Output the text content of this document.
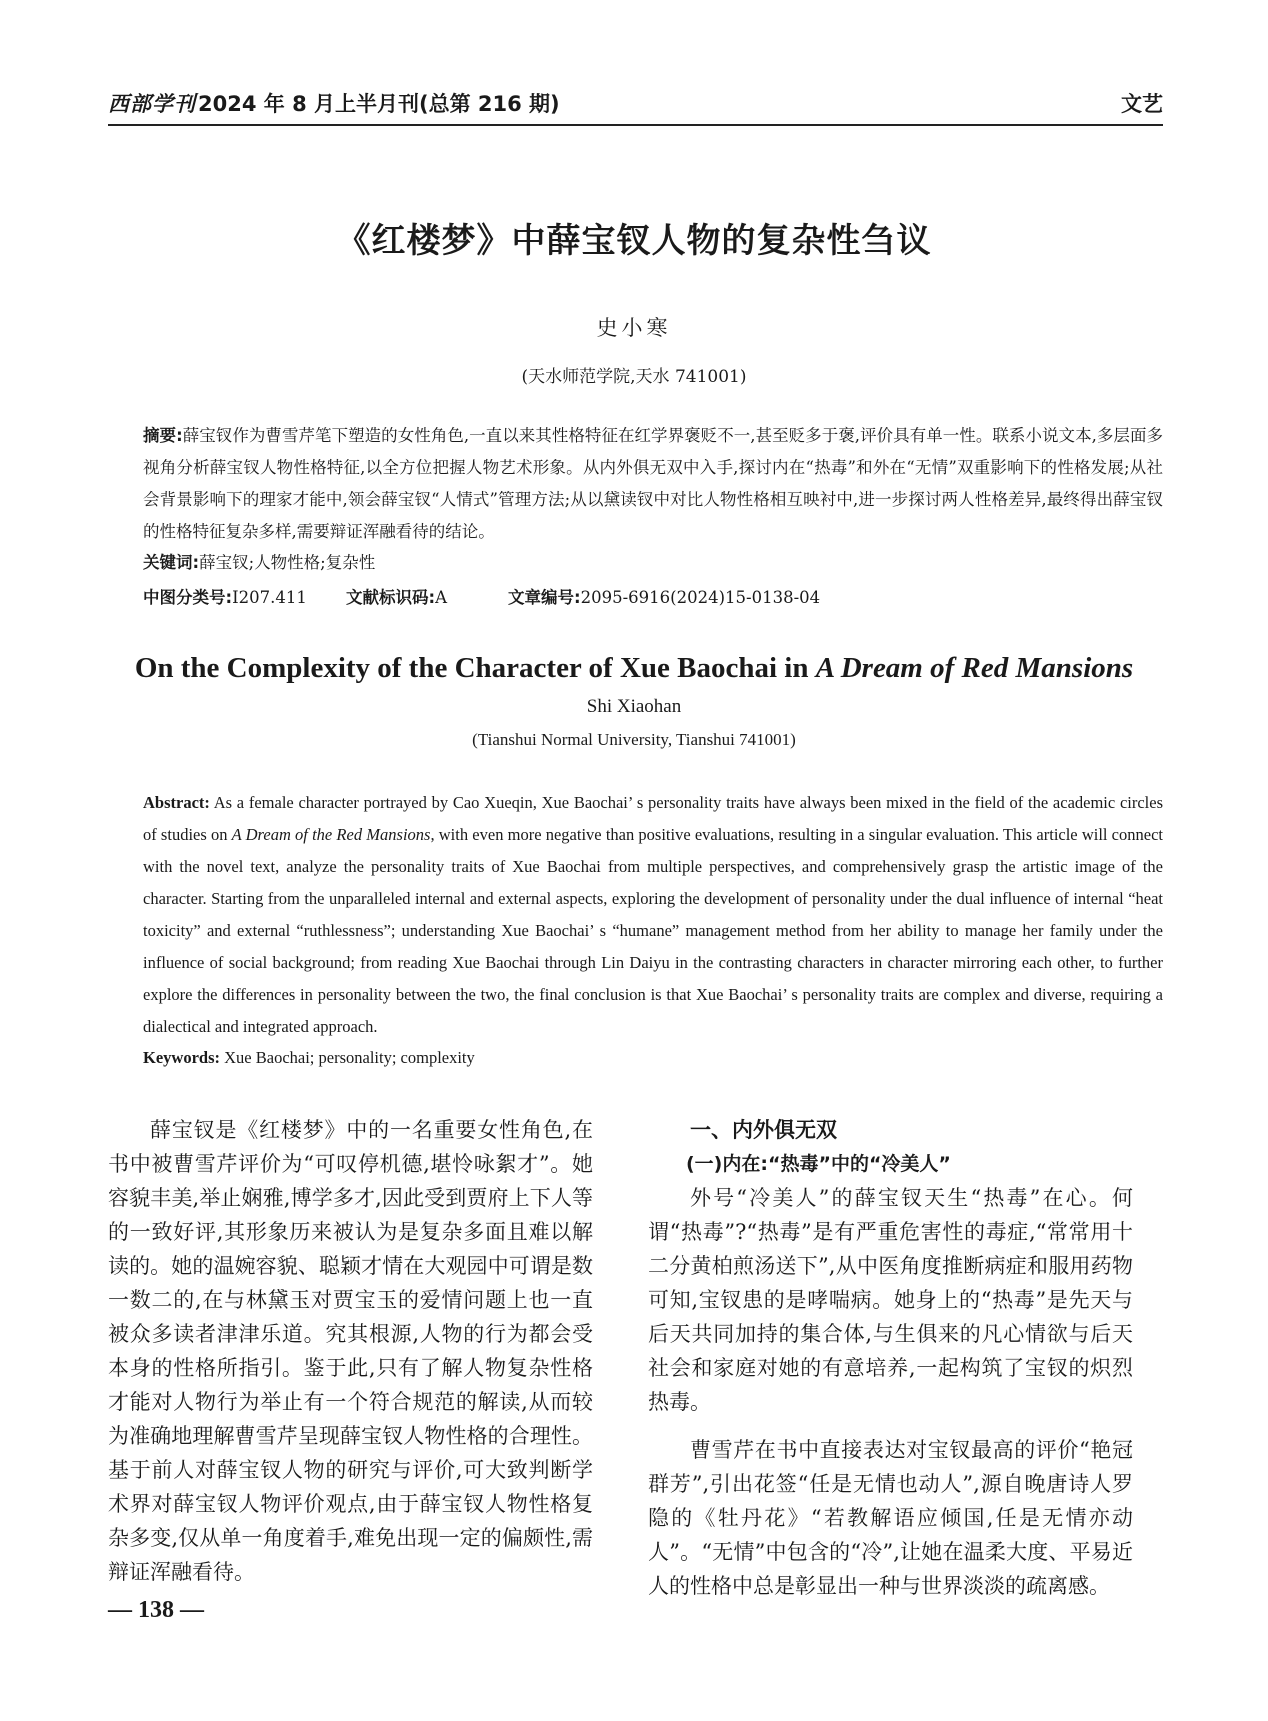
西部学刊2024 年 8 月上半月刊(总第 216 期)	文艺
《红楼梦》中薛宝钗人物的复杂性刍议
史小寒
(天水师范学院,天水 741001)
摘要:薛宝钗作为曹雪芹笔下塑造的女性角色,一直以来其性格特征在红学界褒贬不一,甚至贬多于褒,评价具有单一性。联系小说文本,多层面多视角分析薛宝钗人物性格特征,以全方位把握人物艺术形象。从内外俱无双中入手,探讨内在“热毒”和外在“无情”双重影响下的性格发展;从社会背景影响下的理家才能中,领会薛宝钗“人情式”管理方法;从以黛读钗中对比人物性格相互映衬中,进一步探讨两人性格差异,最终得出薛宝钗的性格特征复杂多样,需要辩证浑融看待的结论。
关键词:薛宝钗;人物性格;复杂性
中图分类号:I207.411 文献标识码:A	文章编号:2095-6916(2024)15-0138-04
On the Complexity of the Character of Xue Baochai in A Dream of Red Mansions
Shi Xiaohan
(Tianshui Normal University, Tianshui 741001)
Abstract: As a female character portrayed by Cao Xueqin, Xue Baochai’ s personality traits have always been mixed in the field of the academic circles of studies on A Dream of the Red Mansions, with even more negative than positive evaluations, resulting in a singular evaluation. This article will connect with the novel text, analyze the personality traits of Xue Baochai from multiple perspectives, and comprehensively grasp the artistic image of the character. Starting from the unparalleled internal and external aspects, exploring the development of personality under the dual influence of internal “heat toxicity” and external “ruthlessness”; understanding Xue Baochai’ s “humane” management method from her ability to manage her family under the influence of social background; from reading Xue Baochai through Lin Daiyu in the contrasting characters in character mirroring each other, to further explore the differences in personality between the two, the final conclusion is that Xue Baochai’ s personality traits are complex and diverse, requiring a dialectical and integrated approach.
Keywords: Xue Baochai; personality; complexity

薛宝钗是《红楼梦》中的一名重要女性角色,在书中被曹雪芹评价为“可叹停机德,堪怜咏絮才”。她容貌丰美,举止娴雅,博学多才,因此受到贾府上下人等的一致好评,其形象历来被认为是复杂多面且难以解读的。她的温婉容貌、聪颖才情在大观园中可谓是数一数二的,在与林黛玉对贾宝玉的爱情问题上也一直被众多读者津津乐道。究其根源,人物的行为都会受本身的性格所指引。鉴于此,只有了解人物复杂性格才能对人物行为举止有一个符合规范的解读,从而较为准确地理解曹雪芹呈现薛宝钗人物性格的合理性。基于前人对薛宝钗人物的研究与评价,可大致判断学术界对薛宝钗人物评价观点,由于薛宝钗人物性格复杂多变,仅从单一角度着手,难免出现一定的偏颇性,需辩证浑融看待。

一、内外俱无双
(一)内在:“热毒”中的“冷美人”

外号“冷美人”的薛宝钗天生“热毒”在心。何谓“热毒”?“热毒”是有严重危害性的毒症,“常常用十二分黄柏煎汤送下”,从中医角度推断病症和服用药物可知,宝钗患的是哮喘病。她身上的“热毒”是先天与后天共同加持的集合体,与生俱来的凡心情欲与后天社会和家庭对她的有意培养,一起构筑了宝钗的炽烈热毒。

曹雪芹在书中直接表达对宝钗最高的评价“艳冠群芳”,引出花签“任是无情也动人”,源自晚唐诗人罗隐的《牡丹花》“若教解语应倾国,任是无情亦动人”。“无情”中包含的“冷”,让她在温柔大度、平易近人的性格中总是彰显出一种与世界淡淡的疏离感。

— 138 —
